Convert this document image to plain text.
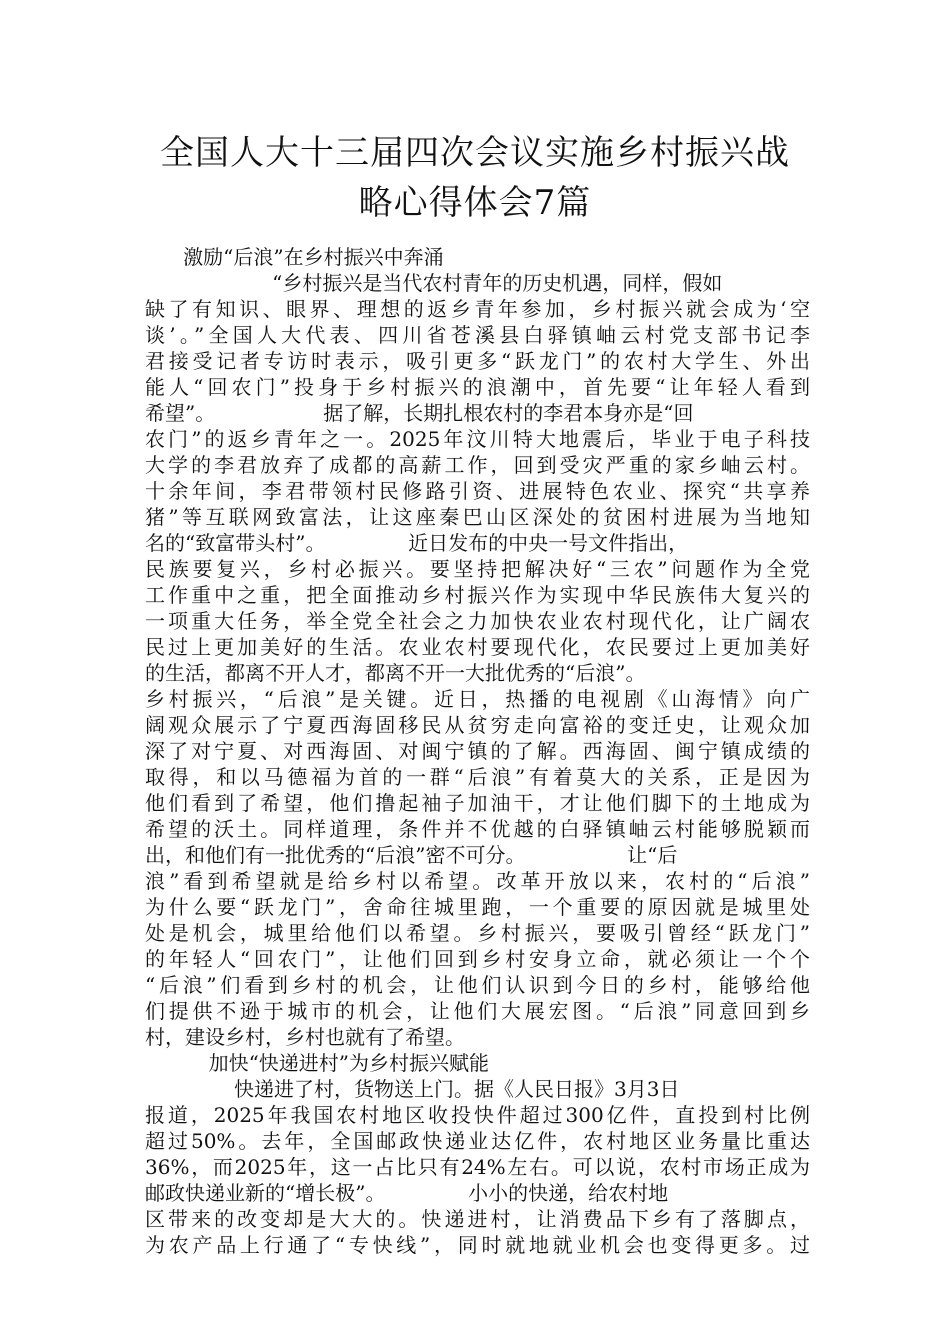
全国人大十三届四次会议实施乡村振兴战
略心得体会7篇
激励“后浪”在乡村振兴中奔涌
“乡村振兴是当代农村青年的历史机遇，同样，假如
缺了有知识、眼界、理想的返乡青年参加，乡村振兴就会成为‘空
谈’。”全国人大代表、四川省苍溪县白驿镇岫云村党支部书记李
君接受记者专访时表示，吸引更多“跃龙门”的农村大学生、外出
能人“回农门”投身于乡村振兴的浪潮中，首先要“让年轻人看到
希望”。                 据了解，长期扎根农村的李君本身亦是“回
农门”的返乡青年之一。2025年汶川特大地震后，毕业于电子科技
大学的李君放弃了成都的高薪工作，回到受灾严重的家乡岫云村。
十余年间，李君带领村民修路引资、进展特色农业、探究“共享养
猪”等互联网致富法，让这座秦巴山区深处的贫困村进展为当地知
名的“致富带头村”。             近日发布的中央一号文件指出，
民族要复兴，乡村必振兴。要坚持把解决好“三农”问题作为全党
工作重中之重，把全面推动乡村振兴作为实现中华民族伟大复兴的
一项重大任务，举全党全社会之力加快农业农村现代化，让广阔农
民过上更加美好的生活。农业农村要现代化，农民要过上更加美好
的生活，都离不开人才，都离不开一大批优秀的“后浪”。
乡村振兴，“后浪”是关键。近日，热播的电视剧《山海情》向广
阔观众展示了宁夏西海固移民从贫穷走向富裕的变迁史，让观众加
深了对宁夏、对西海固、对闽宁镇的了解。西海固、闽宁镇成绩的
取得，和以马德福为首的一群“后浪”有着莫大的关系，正是因为
他们看到了希望，他们撸起袖子加油干，才让他们脚下的土地成为
希望的沃土。同样道理，条件并不优越的白驿镇岫云村能够脱颖而
出，和他们有一批优秀的“后浪”密不可分。                让“后
浪”看到希望就是给乡村以希望。改革开放以来，农村的“后浪”
为什么要“跃龙门”，舍命往城里跑，一个重要的原因就是城里处
处是机会，城里给他们以希望。乡村振兴，要吸引曾经“跃龙门”
的年轻人“回农门”，让他们回到乡村安身立命，就必须让一个个
“后浪”们看到乡村的机会，让他们认识到今日的乡村，能够给他
们提供不逊于城市的机会，让他们大展宏图。“后浪”同意回到乡
村，建设乡村，乡村也就有了希望。
加快“快递进村”为乡村振兴赋能
快递进了村，货物送上门。据《人民日报》3月3日
报道，2025年我国农村地区收投快件超过300亿件，直投到村比例
超过50%。去年，全国邮政快递业达亿件，农村地区业务量比重达
36%，而2025年，这一占比只有24%左右。可以说，农村市场正成为
邮政快递业新的“增长极”。             小小的快递，给农村地
区带来的改变却是大大的。快递进村，让消费品下乡有了落脚点，
为农产品上行通了“专快线”，同时就地就业机会也变得更多。过
